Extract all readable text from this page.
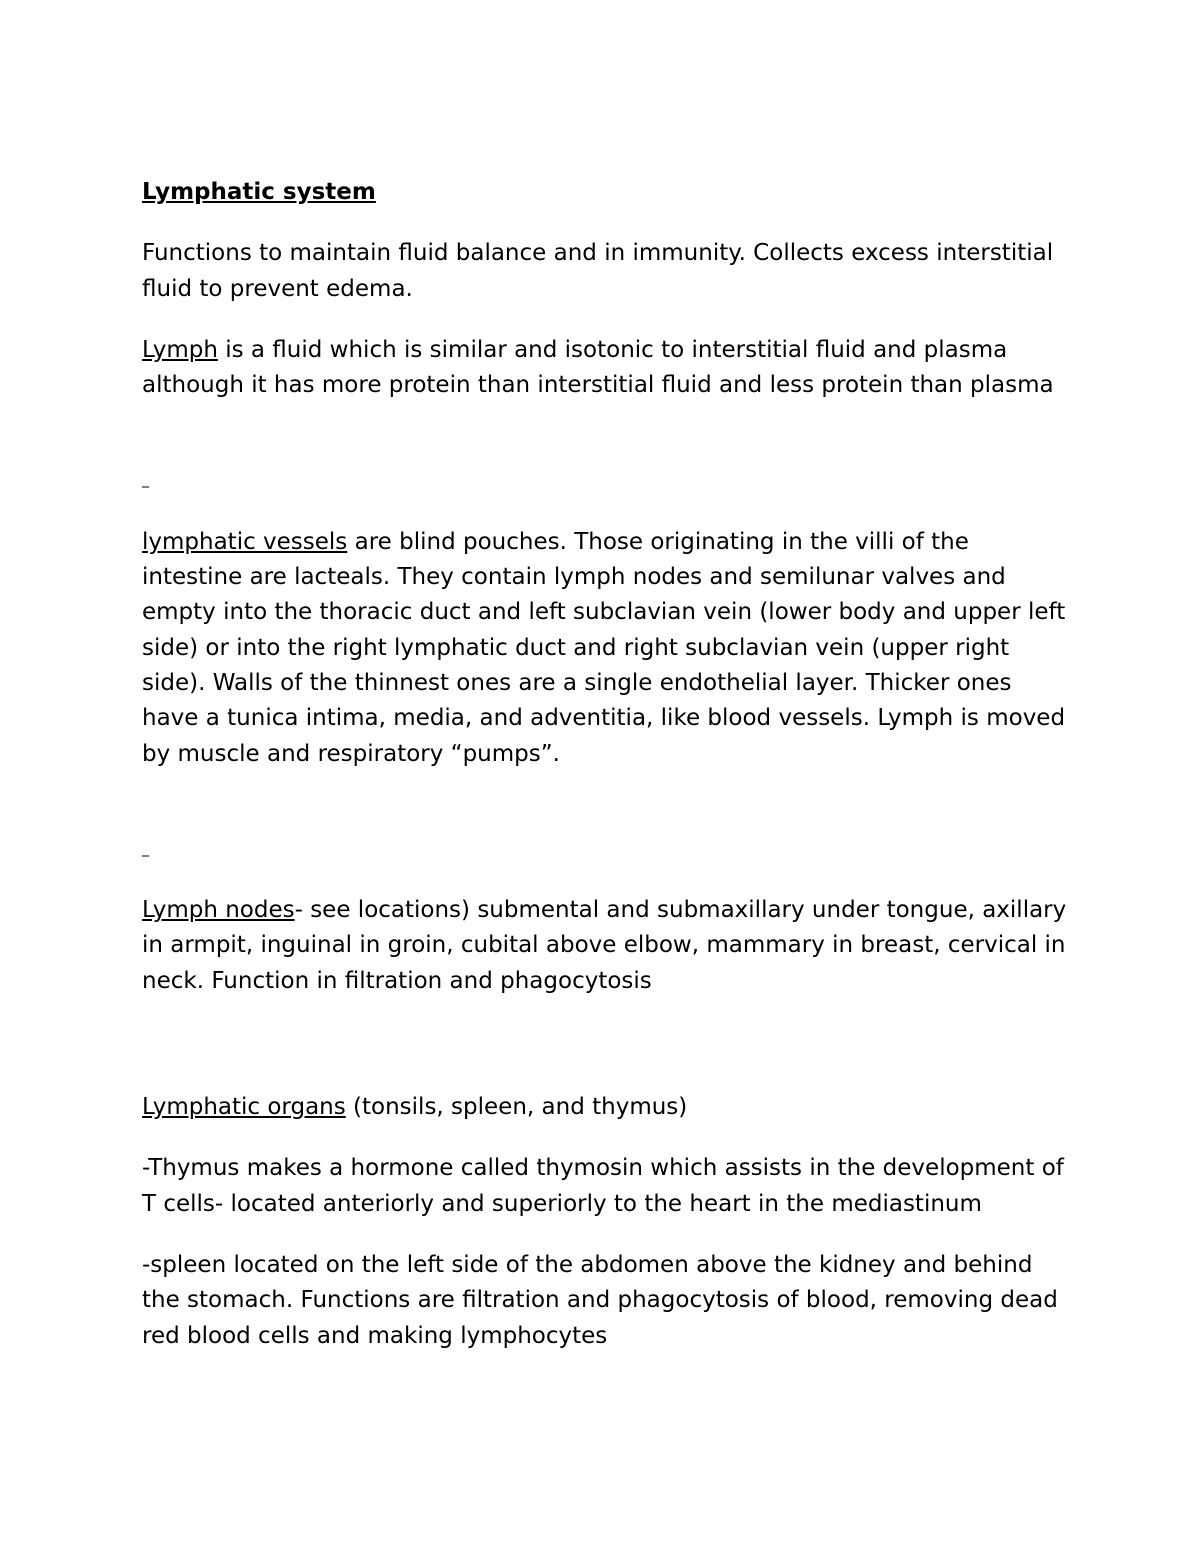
Lymphatic system

Functions to maintain fluid balance and in immunity. Collects excess interstitial fluid to prevent edema.

Lymph is a fluid which is similar and isotonic to interstitial fluid and plasma although it has more protein than interstitial fluid and less protein than plasma

_

lymphatic vessels are blind pouches. Those originating in the villi of the intestine are lacteals. They contain lymph nodes and semilunar valves and empty into the thoracic duct and left subclavian vein (lower body and upper left side) or into the right lymphatic duct and right subclavian vein (upper right side). Walls of the thinnest ones are a single endothelial layer. Thicker ones have a tunica intima, media, and adventitia, like blood vessels. Lymph is moved by muscle and respiratory “pumps”.

_

Lymph nodes- see locations) submental and submaxillary under tongue, axillary in armpit, inguinal in groin, cubital above elbow, mammary in breast, cervical in neck. Function in filtration and phagocytosis

Lymphatic organs (tonsils, spleen, and thymus)

-Thymus makes a hormone called thymosin which assists in the development of T cells- located anteriorly and superiorly to the heart in the mediastinum

-spleen located on the left side of the abdomen above the kidney and behind the stomach. Functions are filtration and phagocytosis of blood, removing dead red blood cells and making lymphocytes
